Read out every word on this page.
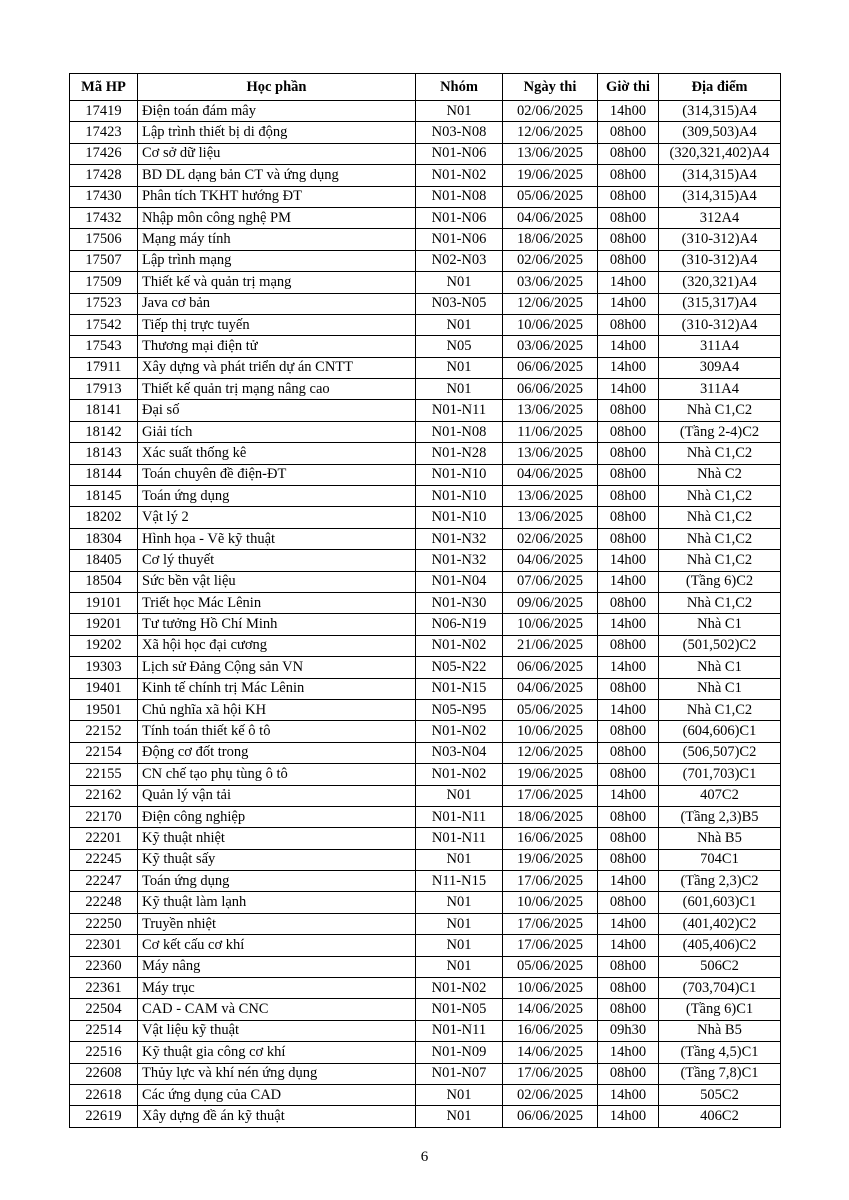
Mã HP	Học phần	Nhóm	Ngày thi	Giờ thi	Địa điểm
17419	Điện toán đám mây	N01	02/06/2025	14h00	(314,315)A4
17423	Lập trình thiết bị di động	N03-N08	12/06/2025	08h00	(309,503)A4
17426	Cơ sở dữ liệu	N01-N06	13/06/2025	08h00	(320,321,402)A4
17428	BD DL dạng bản CT và ứng dụng	N01-N02	19/06/2025	08h00	(314,315)A4
17430	Phân tích TKHT hướng ĐT	N01-N08	05/06/2025	08h00	(314,315)A4
17432	Nhập môn công nghệ PM	N01-N06	04/06/2025	08h00	312A4
17506	Mạng máy tính	N01-N06	18/06/2025	08h00	(310-312)A4
17507	Lập trình mạng	N02-N03	02/06/2025	08h00	(310-312)A4
17509	Thiết kế và quản trị mạng	N01	03/06/2025	14h00	(320,321)A4
17523	Java cơ bản	N03-N05	12/06/2025	14h00	(315,317)A4
17542	Tiếp thị trực tuyến	N01	10/06/2025	08h00	(310-312)A4
17543	Thương mại điện tử	N05	03/06/2025	14h00	311A4
17911	Xây dựng và phát triển dự án CNTT	N01	06/06/2025	14h00	309A4
17913	Thiết kế quản trị mạng nâng cao	N01	06/06/2025	14h00	311A4
18141	Đại số	N01-N11	13/06/2025	08h00	Nhà C1,C2
18142	Giải tích	N01-N08	11/06/2025	08h00	(Tầng 2-4)C2
18143	Xác suất thống kê	N01-N28	13/06/2025	08h00	Nhà C1,C2
18144	Toán chuyên đề điện-ĐT	N01-N10	04/06/2025	08h00	Nhà C2
18145	Toán ứng dụng	N01-N10	13/06/2025	08h00	Nhà C1,C2
18202	Vật lý 2	N01-N10	13/06/2025	08h00	Nhà C1,C2
18304	Hình họa - Vẽ kỹ thuật	N01-N32	02/06/2025	08h00	Nhà C1,C2
18405	Cơ lý thuyết	N01-N32	04/06/2025	14h00	Nhà C1,C2
18504	Sức bền vật liệu	N01-N04	07/06/2025	14h00	(Tầng 6)C2
19101	Triết học Mác Lênin	N01-N30	09/06/2025	08h00	Nhà C1,C2
19201	Tư tưởng Hồ Chí Minh	N06-N19	10/06/2025	14h00	Nhà C1
19202	Xã hội học đại cương	N01-N02	21/06/2025	08h00	(501,502)C2
19303	Lịch sử Đảng Cộng sản VN	N05-N22	06/06/2025	14h00	Nhà C1
19401	Kinh tế chính trị Mác Lênin	N01-N15	04/06/2025	08h00	Nhà C1
19501	Chủ nghĩa xã hội KH	N05-N95	05/06/2025	14h00	Nhà C1,C2
22152	Tính toán thiết kế ô tô	N01-N02	10/06/2025	08h00	(604,606)C1
22154	Động cơ đốt trong	N03-N04	12/06/2025	08h00	(506,507)C2
22155	CN chế tạo phụ tùng ô tô	N01-N02	19/06/2025	08h00	(701,703)C1
22162	Quản lý vận tải	N01	17/06/2025	14h00	407C2
22170	Điện công nghiệp	N01-N11	18/06/2025	08h00	(Tầng 2,3)B5
22201	Kỹ thuật nhiệt	N01-N11	16/06/2025	08h00	Nhà B5
22245	Kỹ thuật sấy	N01	19/06/2025	08h00	704C1
22247	Toán ứng dụng	N11-N15	17/06/2025	14h00	(Tầng 2,3)C2
22248	Kỹ thuật làm lạnh	N01	10/06/2025	08h00	(601,603)C1
22250	Truyền nhiệt	N01	17/06/2025	14h00	(401,402)C2
22301	Cơ kết cấu cơ khí	N01	17/06/2025	14h00	(405,406)C2
22360	Máy nâng	N01	05/06/2025	08h00	506C2
22361	Máy trục	N01-N02	10/06/2025	08h00	(703,704)C1
22504	CAD - CAM và CNC	N01-N05	14/06/2025	08h00	(Tầng 6)C1
22514	Vật liệu kỹ thuật	N01-N11	16/06/2025	09h30	Nhà B5
22516	Kỹ thuật gia công cơ khí	N01-N09	14/06/2025	14h00	(Tầng 4,5)C1
22608	Thủy lực và khí nén ứng dụng	N01-N07	17/06/2025	08h00	(Tầng 7,8)C1
22618	Các ứng dụng của CAD	N01	02/06/2025	14h00	505C2
22619	Xây dựng đề án kỹ thuật	N01	06/06/2025	14h00	406C2
6
